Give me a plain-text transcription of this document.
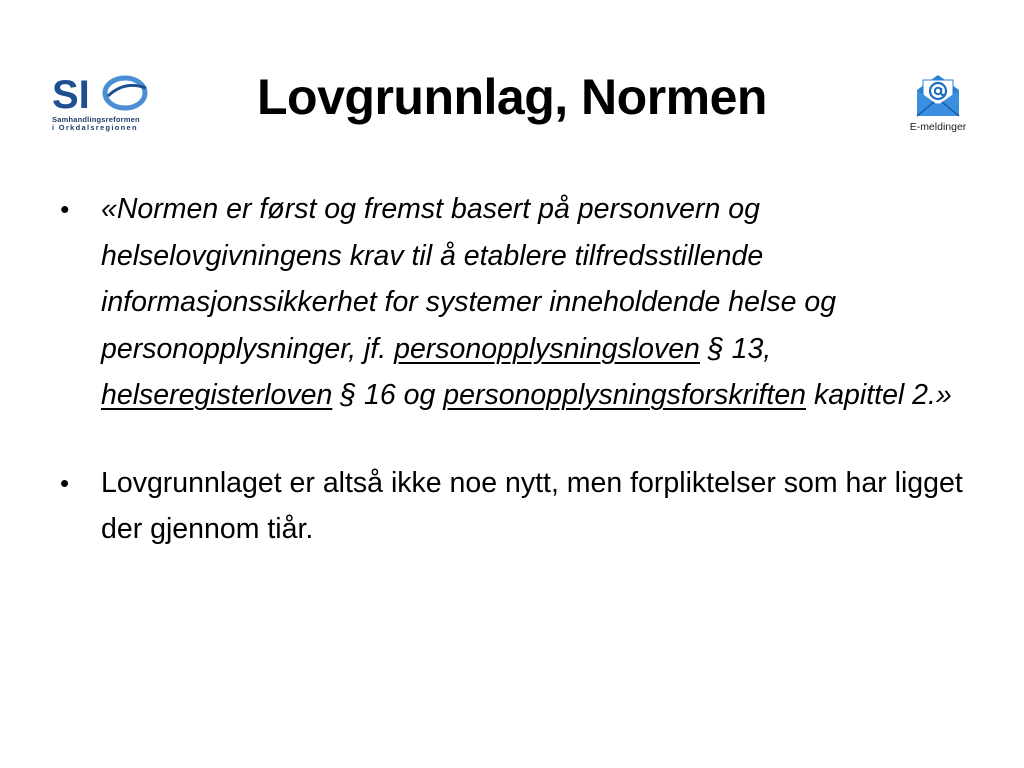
SI
Samhandlingsreformen
i Orkdalsregionen
Lovgrunnlag, Normen
E-meldinger
• «Normen er først og fremst basert på personvern og helselovgivningens krav til å etablere tilfredsstillende informasjonssikkerhet for systemer inneholdende helse og personopplysninger, jf. personopplysningsloven § 13, helseregisterloven § 16 og personopplysningsforskriften kapittel 2.»
• Lovgrunnlaget er altså ikke noe nytt, men forpliktelser som har ligget der gjennom tiår.
